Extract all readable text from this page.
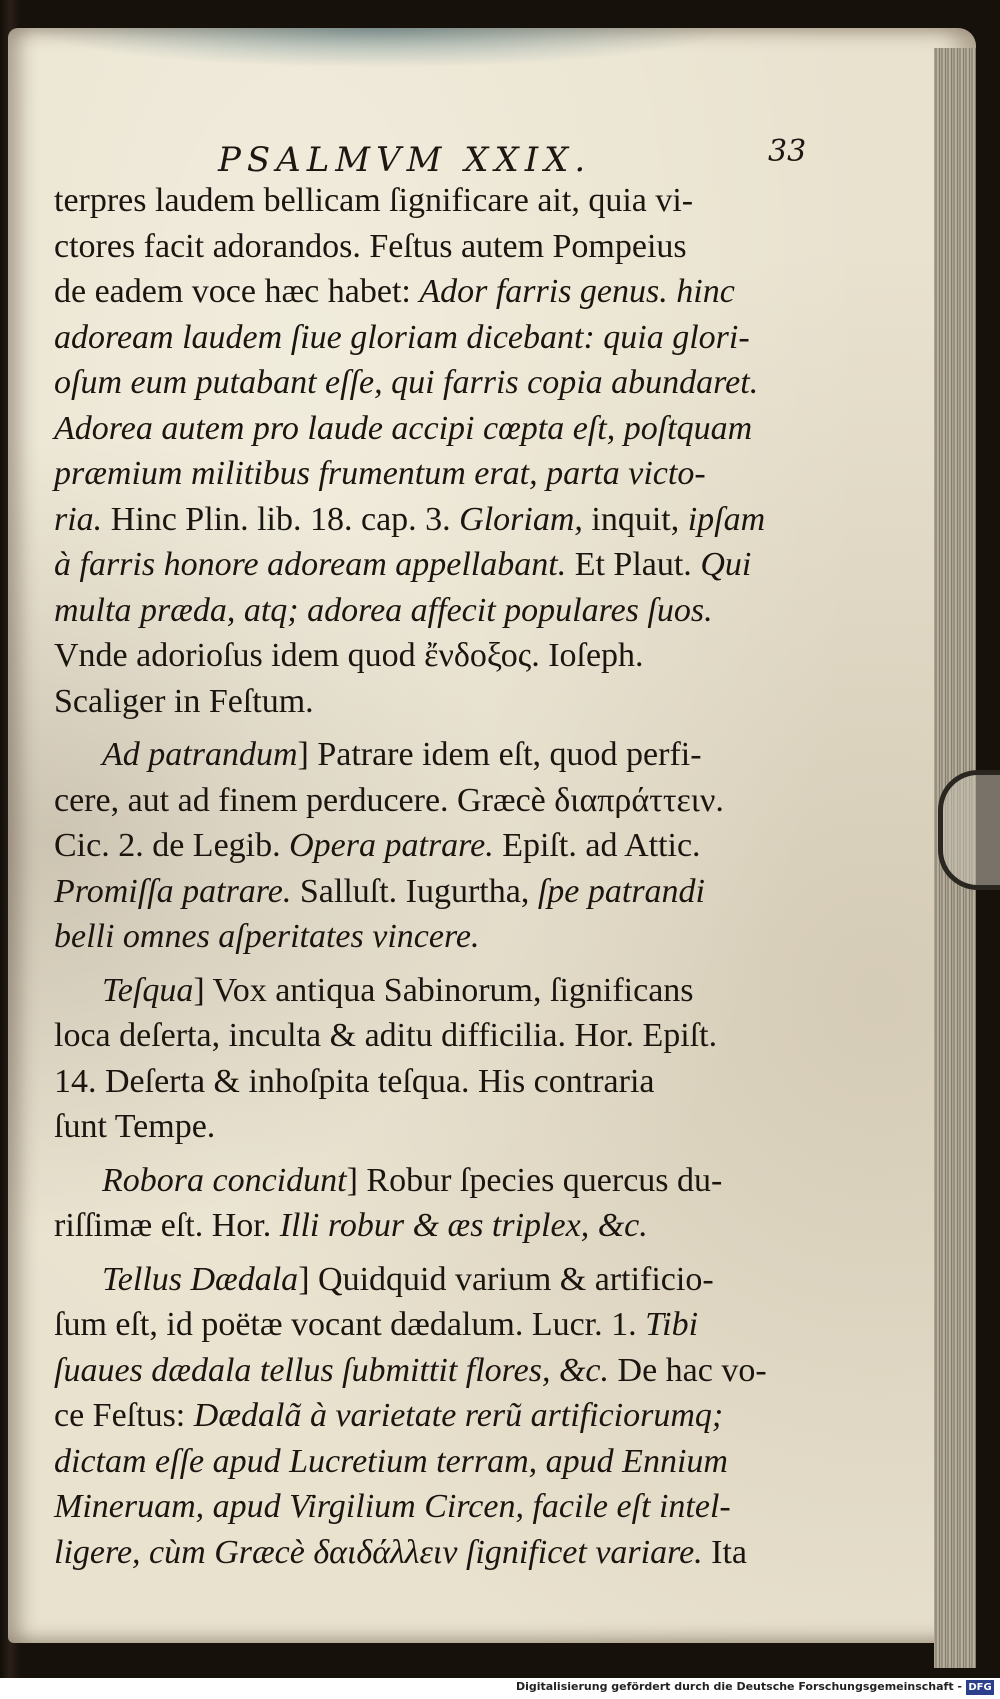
PSALMVM XXIX.	33
terpres laudem bellicam ſignificare ait, quia vi-
ctores facit adorandos. Feſtus autem Pompeius
de eadem voce hæc habet: Ador farris genus. hinc
adoream laudem ſiue gloriam dicebant: quia glori-
oſum eum putabant eſſe, qui farris copia abundaret.
Adorea autem pro laude accipi cœpta eſt, poſtquam
præmium militibus frumentum erat, parta victo-
ria. Hinc Plin. lib. 18. cap. 3. Gloriam, inquit, ipſam
à farris honore adoream appellabant. Et Plaut. Qui
multa præda, atq; adorea affecit populares ſuos.
Vnde adorioſus idem quod ἔνδοξος. Ioſeph.
Scaliger in Feſtum.
Ad patrandum] Patrare idem eſt, quod perfi-
cere, aut ad finem perducere. Græcè διαπράττειν.
Cic. 2. de Legib. Opera patrare. Epiſt. ad Attic.
Promiſſa patrare. Salluſt. Iugurtha, ſpe patrandi
belli omnes aſperitates vincere.
Teſqua] Vox antiqua Sabinorum, ſignificans
loca deſerta, inculta & aditu difficilia. Hor. Epiſt.
14. Deſerta & inhoſpita teſqua. His contraria
ſunt Tempe.
Robora concidunt] Robur ſpecies quercus du-
riſſimæ eſt. Hor. Illi robur & æs triplex, &c.
Tellus Dædala] Quidquid varium & artificio-
ſum eſt, id poëtæ vocant dædalum. Lucr. 1. Tibi
ſuaues dædala tellus ſubmittit flores, &c. De hac vo-
ce Feſtus: Dædalã à varietate rerũ artificiorumq;
dictam eſſe apud Lucretium terram, apud Ennium
Mineruam, apud Virgilium Circen, facile eſt intel-
ligere, cùm Græcè δαιδάλλειν ſignificet variare. Ita
Digitalisierung gefördert durch die Deutsche Forschungsgemeinschaft - DFG
